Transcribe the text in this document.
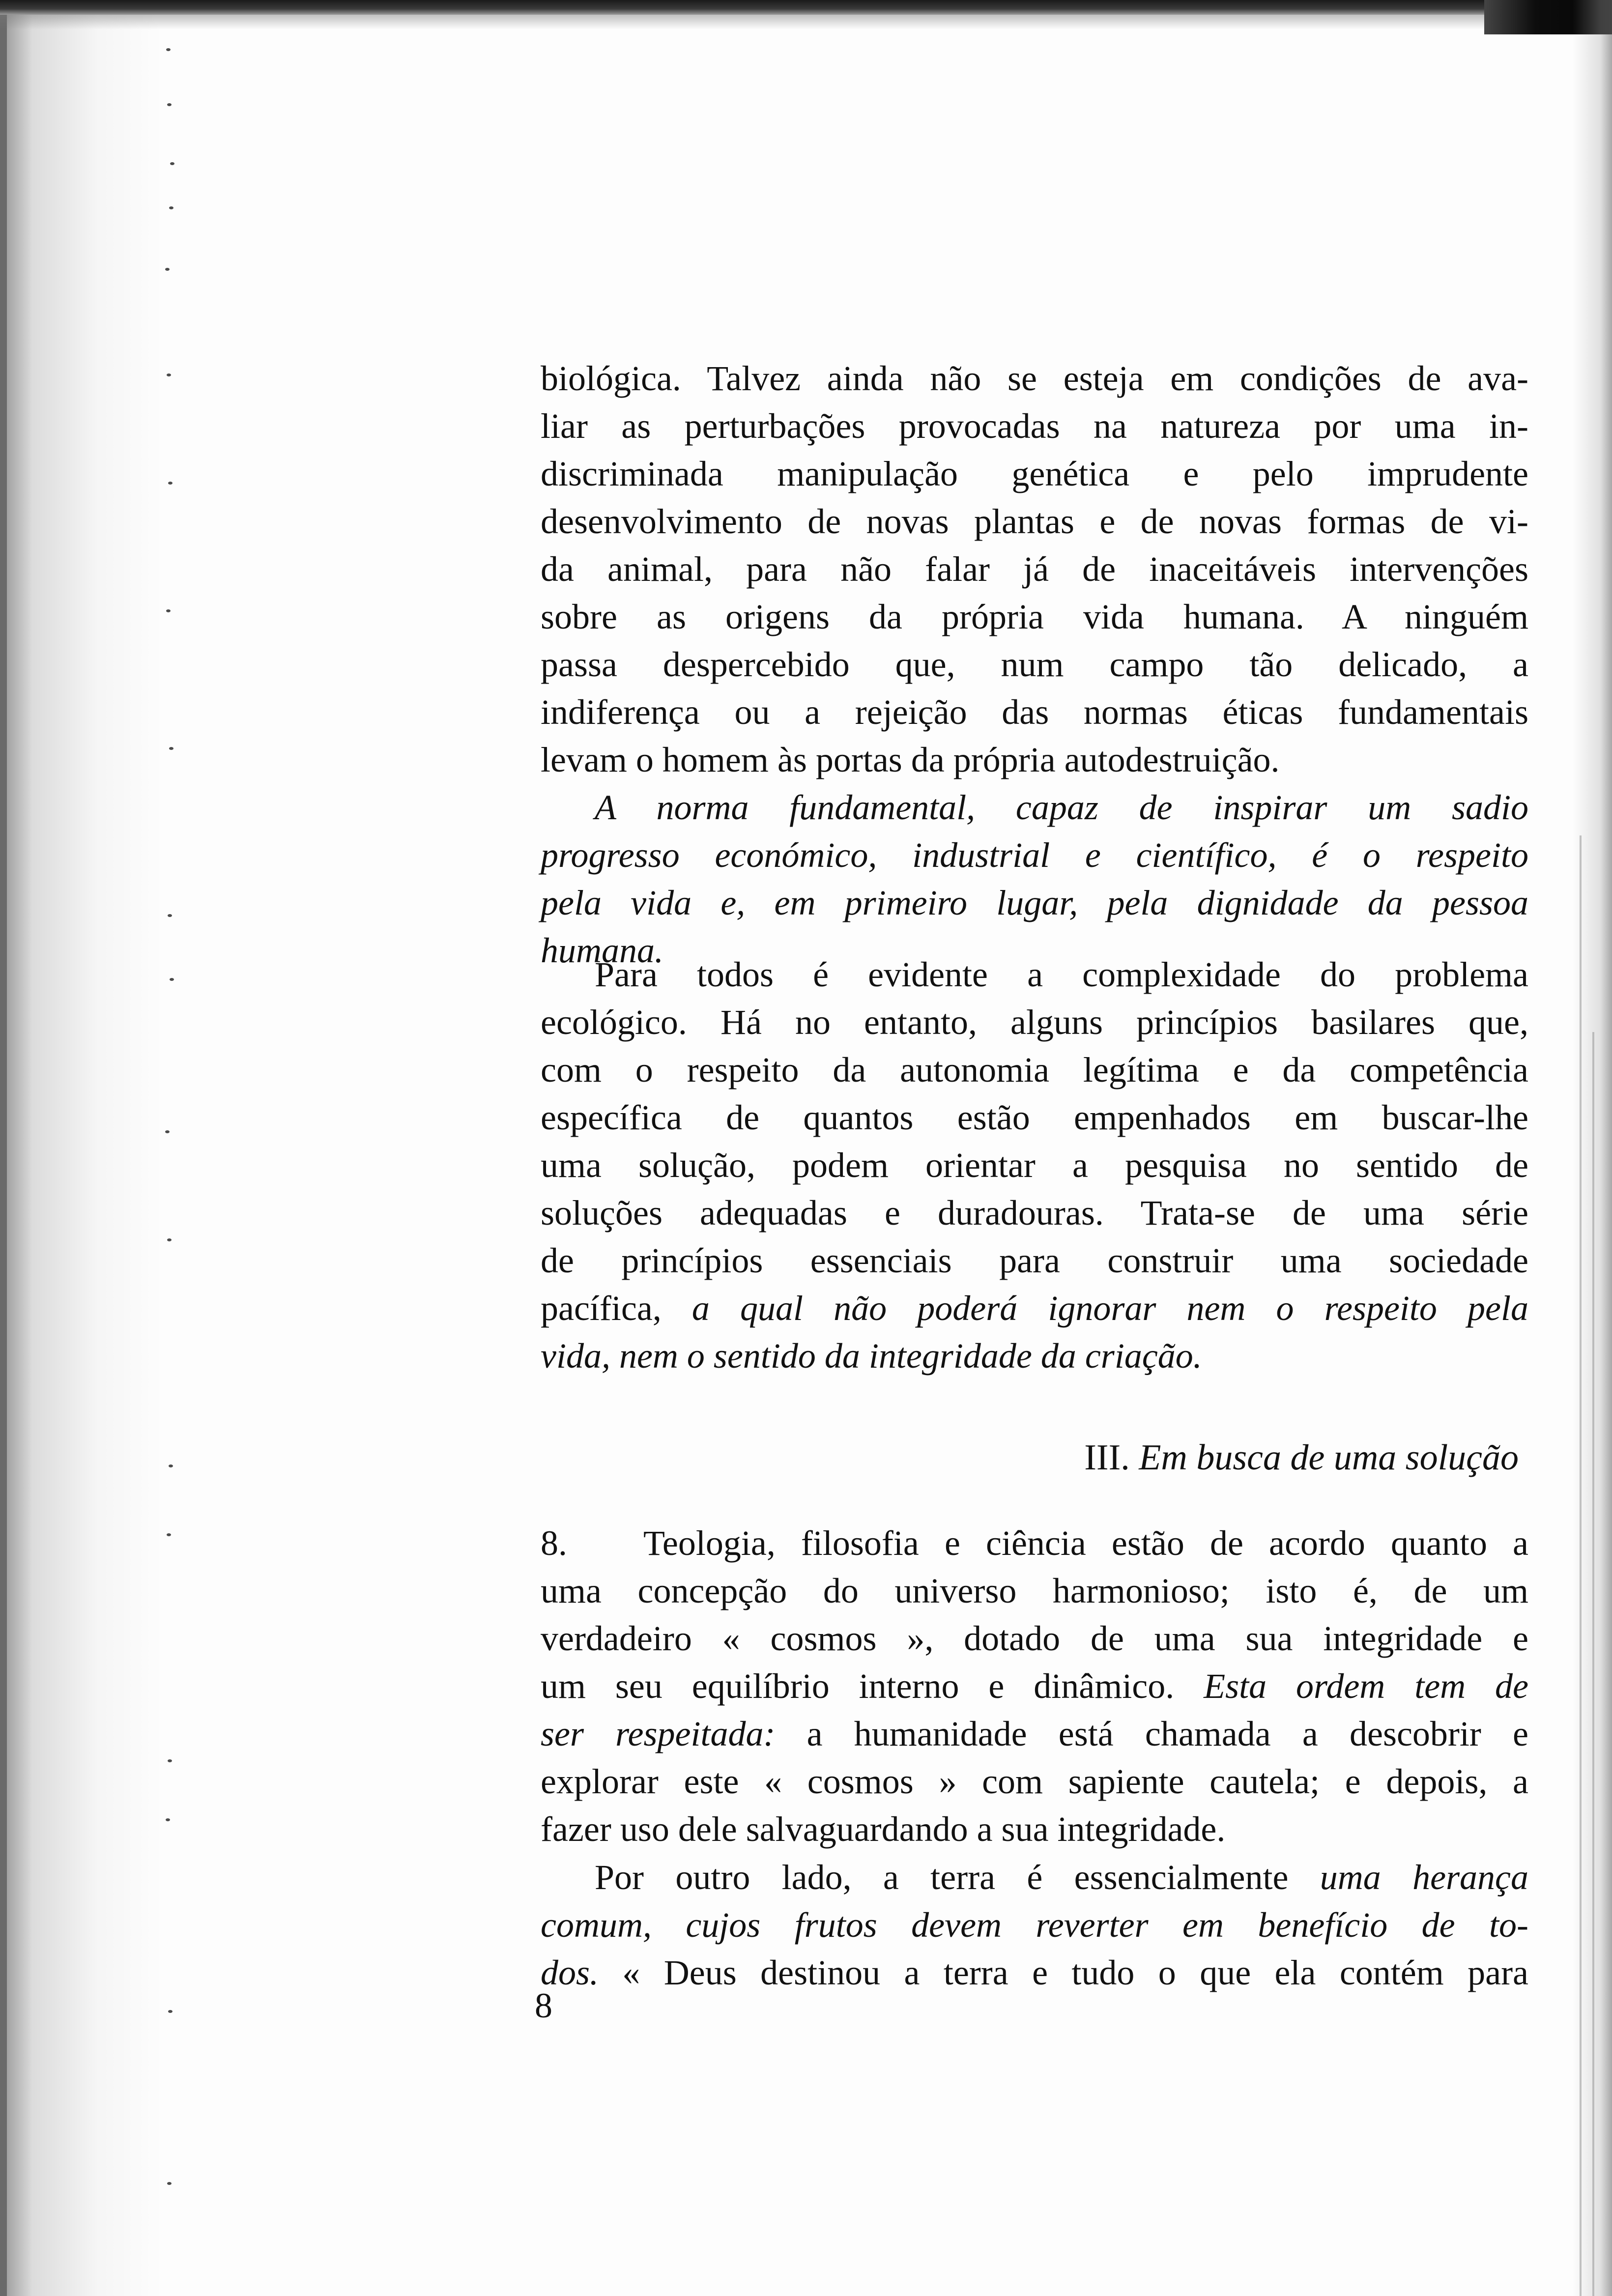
biológica. Talvez ainda não se esteja em condições de ava-

liar as perturbações provocadas na natureza por uma in-

discriminada manipulação genética e pelo imprudente

desenvolvimento de novas plantas e de novas formas de vi-

da animal, para não falar já de inaceitáveis intervenções

sobre as origens da própria vida humana. A ninguém

passa despercebido que, num campo tão delicado, a

indiferença ou a rejeição das normas éticas fundamentais

levam o homem às portas da própria autodestruição.

A norma fundamental, capaz de inspirar um sadio

progresso económico, industrial e científico, é o respeito

pela vida e, em primeiro lugar, pela dignidade da pessoa

humana.

Para todos é evidente a complexidade do problema

ecológico. Há no entanto, alguns princípios basilares que,

com o respeito da autonomia legítima e da competência

específica de quantos estão empenhados em buscar-lhe

uma solução, podem orientar a pesquisa no sentido de

soluções adequadas e duradouras. Trata-se de uma série

de princípios essenciais para construir uma sociedade

pacífica, a qual não poderá ignorar nem o respeito pela

vida, nem o sentido da integridade da criação.

III. Em busca de uma solução

8.   Teologia, filosofia e ciência estão de acordo quanto a

uma concepção do universo harmonioso; isto é, de um

verdadeiro « cosmos », dotado de uma sua integridade e

um seu equilíbrio interno e dinâmico. Esta ordem tem de

ser respeitada: a humanidade está chamada a descobrir e

explorar este « cosmos » com sapiente cautela; e depois, a

fazer uso dele salvaguardando a sua integridade.

Por outro lado, a terra é essencialmente uma herança

comum, cujos frutos devem reverter em benefício de to-

dos. « Deus destinou a terra e tudo o que ela contém para

8
